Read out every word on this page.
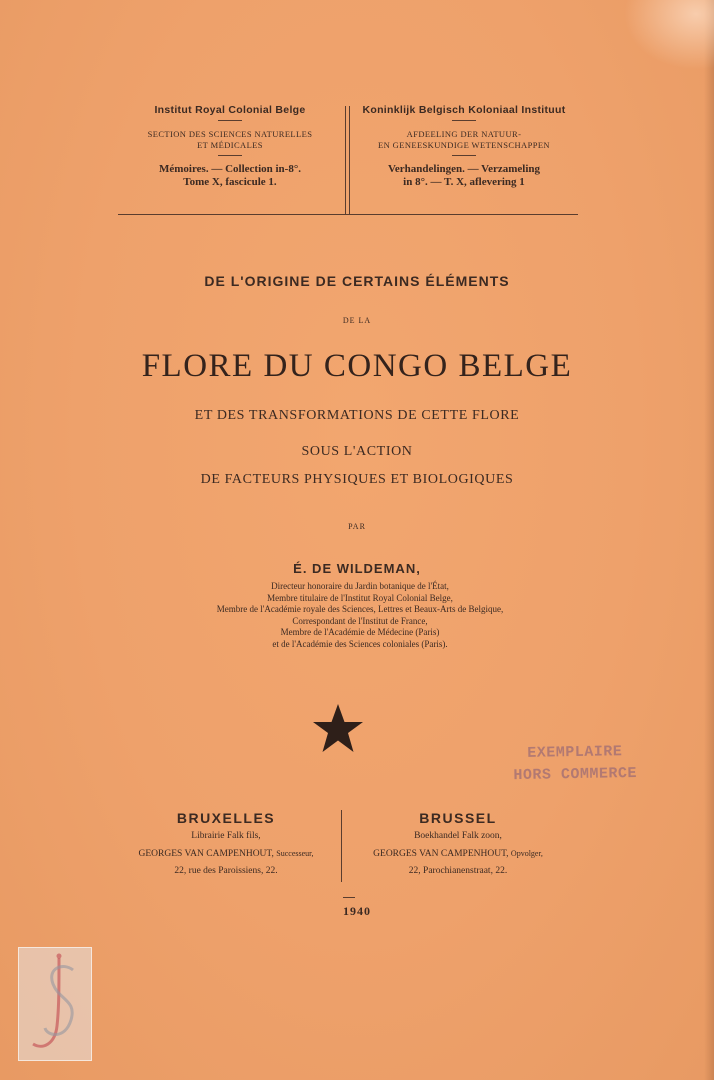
Institut Royal Colonial Belge
SECTION DES SCIENCES NATURELLES
ET MÉDICALES
Mémoires. — Collection in-8°.
Tome X, fascicule 1.
Koninklijk Belgisch Koloniaal Instituut
AFDEELING DER NATUUR-
EN GENEESKUNDIGE WETENSCHAPPEN
Verhandelingen. — Verzameling
in 8°. — T. X, aflevering 1
DE L'ORIGINE DE CERTAINS ÉLÉMENTS
DE LA
FLORE DU CONGO BELGE
ET DES TRANSFORMATIONS DE CETTE FLORE
SOUS L'ACTION
DE FACTEURS PHYSIQUES ET BIOLOGIQUES
PAR
É. DE WILDEMAN,
Directeur honoraire du Jardin botanique de l'État,
Membre titulaire de l'Institut Royal Colonial Belge,
Membre de l'Académie royale des Sciences, Lettres et Beaux-Arts de Belgique,
Correspondant de l'Institut de France,
Membre de l'Académie de Médecine (Paris)
et de l'Académie des Sciences coloniales (Paris).
EXEMPLAIRE
HORS COMMERCE
BRUXELLES
Librairie Falk fils,
GEORGES VAN CAMPENHOUT, Successeur,
22, rue des Paroissiens, 22.
BRUSSEL
Boekhandel Falk zoon,
GEORGES VAN CAMPENHOUT, Opvolger,
22, Parochianenstraat, 22.
1940
